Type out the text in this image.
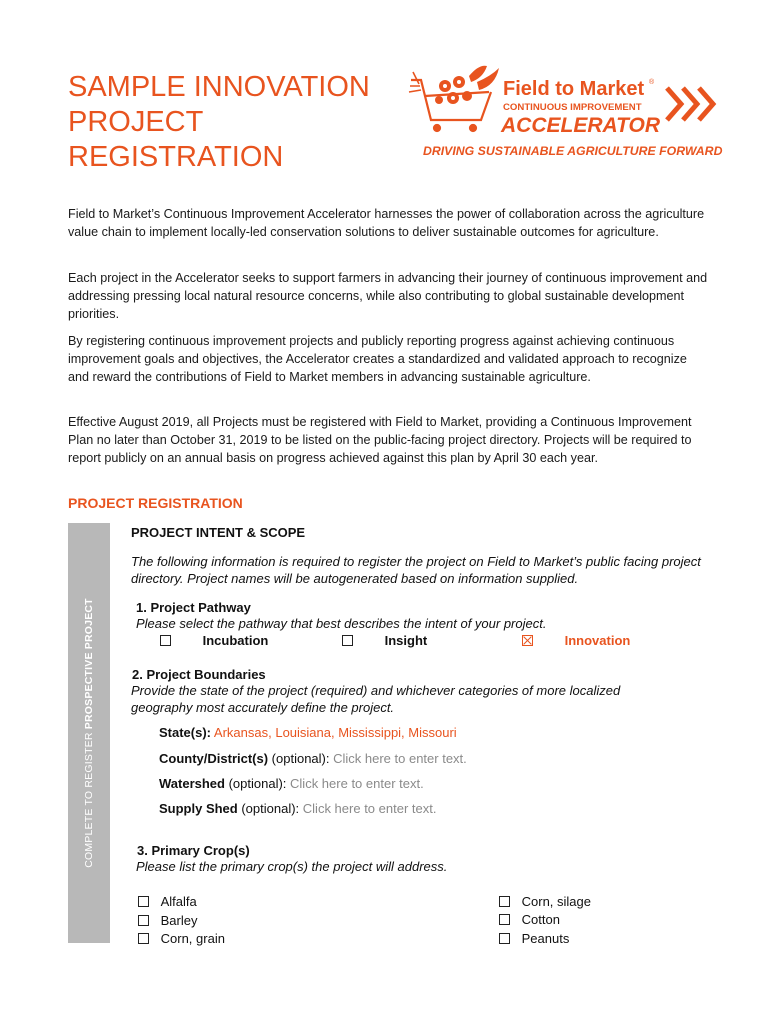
SAMPLE INNOVATION
PROJECT
REGISTRATION
Field to Market ®
CONTINUOUS IMPROVEMENT
ACCELERATOR
DRIVING SUSTAINABLE AGRICULTURE FORWARD

Field to Market’s Continuous Improvement Accelerator harnesses the power of collaboration across the agriculture value chain to implement locally-led conservation solutions to deliver sustainable outcomes for agriculture.

Each project in the Accelerator seeks to support farmers in advancing their journey of continuous improvement and addressing pressing local natural resource concerns, while also contributing to global sustainable development priorities.

By registering continuous improvement projects and publicly reporting progress against achieving continuous improvement goals and objectives, the Accelerator creates a standardized and validated approach to recognize and reward the contributions of Field to Market members in advancing sustainable agriculture.

Effective August 2019, all Projects must be registered with Field to Market, providing a Continuous Improvement Plan no later than October 31, 2019 to be listed on the public-facing project directory. Projects will be required to report publicly on an annual basis on progress achieved against this plan by April 30 each year.

PROJECT REGISTRATION
COMPLETE TO REGISTER PROSPECTIVE PROJECT
PROJECT INTENT & SCOPE
The following information is required to register the project on Field to Market’s public facing project directory. Project names will be autogenerated based on information supplied.
1. Project Pathway
Please select the pathway that best describes the intent of your project.
Incubation	Insight	Innovation
2. Project Boundaries
Provide the state of the project (required) and whichever categories of more localized geography most accurately define the project.
State(s): Arkansas, Louisiana, Mississippi, Missouri
County/District(s) (optional): Click here to enter text.
Watershed (optional): Click here to enter text.
Supply Shed (optional): Click here to enter text.
3. Primary Crop(s)
Please list the primary crop(s) the project will address.
Alfalfa
Barley
Corn, grain
Corn, silage
Cotton
Peanuts
